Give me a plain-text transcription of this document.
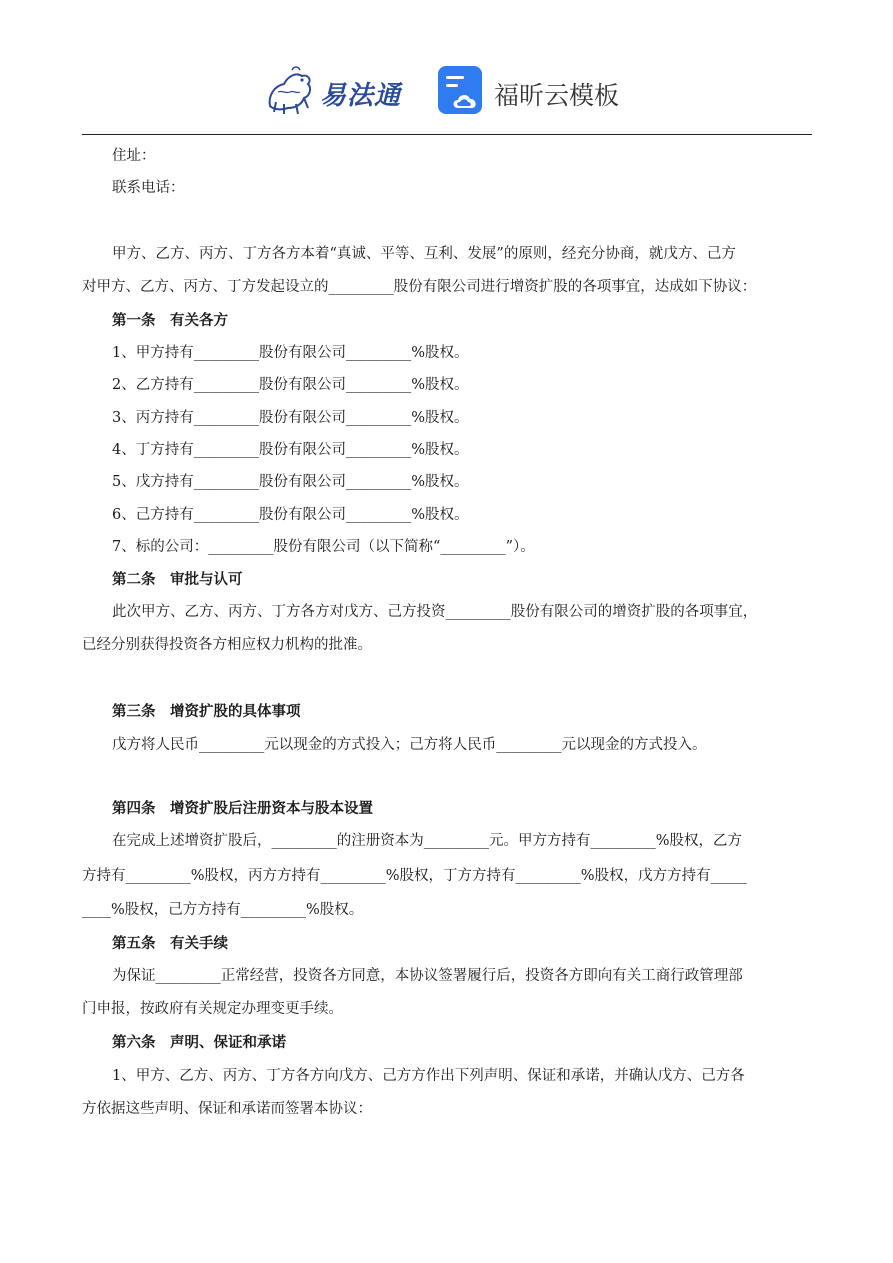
易法通	福昕云模板
住址：
联系电话：
甲方、乙方、丙方、丁方各方本着“真诚、平等、互利、发展”的原则，经充分协商，就戊方、己方
对甲方、乙方、丙方、丁方发起设立的_________股份有限公司进行增资扩股的各项事宜，达成如下协议：
第一条　有关各方
1、甲方持有_________股份有限公司_________%股权。
2、乙方持有_________股份有限公司_________%股权。
3、丙方持有_________股份有限公司_________%股权。
4、丁方持有_________股份有限公司_________%股权。
5、戊方持有_________股份有限公司_________%股权。
6、己方持有_________股份有限公司_________%股权。
7、标的公司：_________股份有限公司（以下简称“_________”）。
第二条　审批与认可
此次甲方、乙方、丙方、丁方各方对戊方、己方投资_________股份有限公司的增资扩股的各项事宜，
已经分别获得投资各方相应权力机构的批准。
第三条　增资扩股的具体事项
戊方将人民币_________元以现金的方式投入；己方将人民币_________元以现金的方式投入。
第四条　增资扩股后注册资本与股本设置
在完成上述增资扩股后，_________的注册资本为_________元。甲方方持有_________%股权，乙方
方持有_________%股权，丙方方持有_________%股权，丁方方持有_________%股权，戊方方持有_____
____%股权，己方方持有_________%股权。
第五条　有关手续
为保证_________正常经营，投资各方同意，本协议签署履行后，投资各方即向有关工商行政管理部
门申报，按政府有关规定办理变更手续。
第六条　声明、保证和承诺
1、甲方、乙方、丙方、丁方各方向戊方、己方方作出下列声明、保证和承诺，并确认戊方、己方各
方依据这些声明、保证和承诺而签署本协议：
